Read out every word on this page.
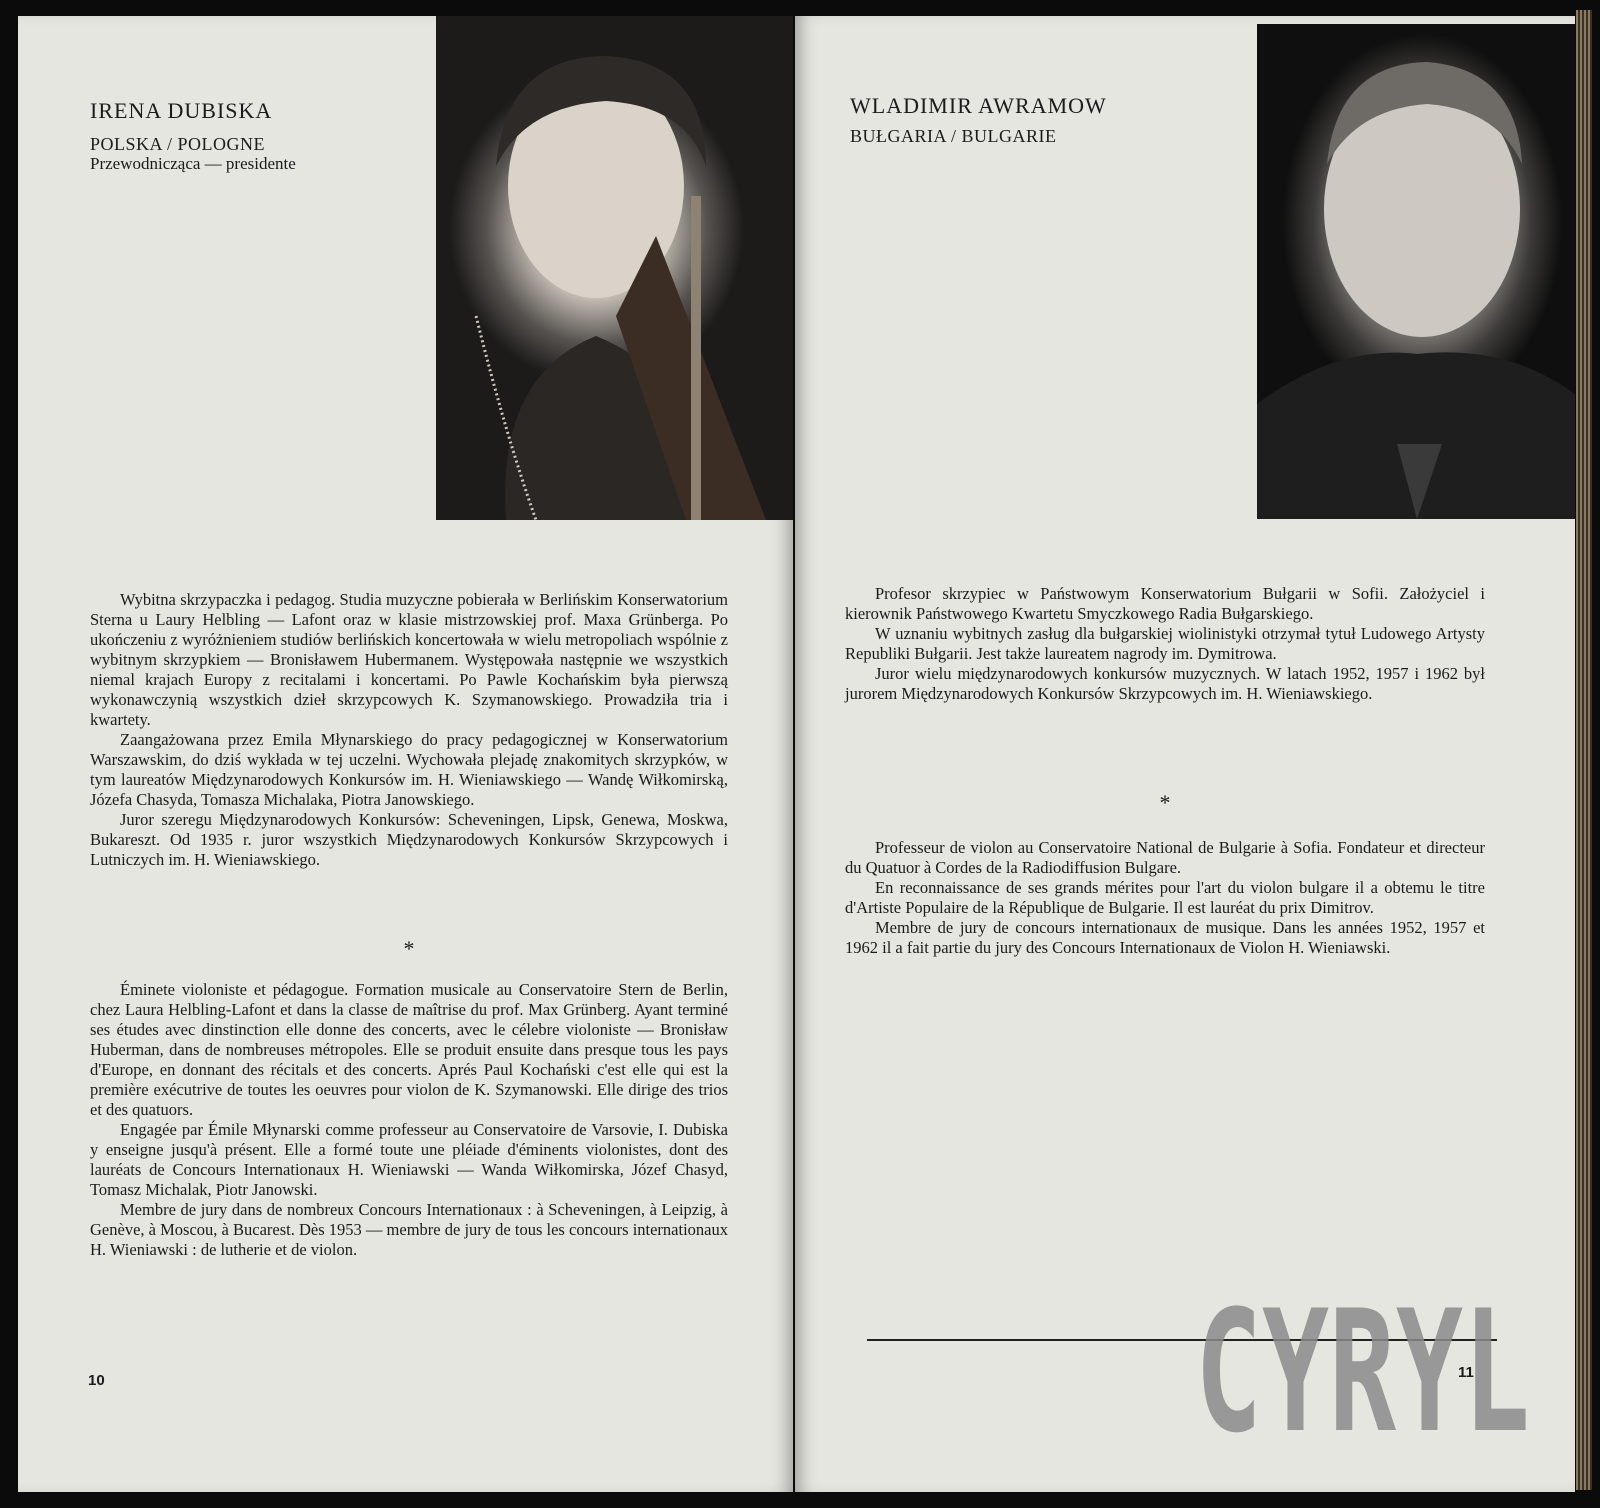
IRENA DUBISKA
POLSKA / POLOGNE
Przewodnicząca — presidente

Wybitna skrzypaczka i pedagog. Studia muzyczne pobierała w Berlińskim Konserwatorium Sterna u Laury Helbling — Lafont oraz w klasie mistrzowskiej prof. Maxa Grünberga. Po ukończeniu z wyróżnieniem studiów berlińskich koncertowała w wielu metropoliach wspólnie z wybitnym skrzypkiem — Bronisławem Hubermanem. Występowała następnie we wszystkich niemal krajach Europy z recitalami i koncertami. Po Pawle Kochańskim była pierwszą wykonawczynią wszystkich dzieł skrzypcowych K. Szymanowskiego. Prowadziła tria i kwartety.

Zaangażowana przez Emila Młynarskiego do pracy pedagogicznej w Konserwatorium Warszawskim, do dziś wykłada w tej uczelni. Wychowała plejadę znakomitych skrzypków, w tym laureatów Międzynarodowych Konkursów im. H. Wieniawskiego — Wandę Wiłkomirską, Józefa Chasyda, Tomasza Michalaka, Piotra Janowskiego.

Juror szeregu Międzynarodowych Konkursów: Scheveningen, Lipsk, Genewa, Moskwa, Bukareszt. Od 1935 r. juror wszystkich Międzynarodowych Konkursów Skrzypcowych i Lutniczych im. H. Wieniawskiego.

*

Éminete violoniste et pédagogue. Formation musicale au Conservatoire Stern de Berlin, chez Laura Helbling-Lafont et dans la classe de maîtrise du prof. Max Grünberg. Ayant terminé ses études avec dinstinction elle donne des concerts, avec le célebre violoniste — Bronisław Huberman, dans de nombreuses métropoles. Elle se produit ensuite dans presque tous les pays d'Europe, en donnant des récitals et des concerts. Aprés Paul Kochański c'est elle qui est la première exécutrive de toutes les oeuvres pour violon de K. Szymanowski. Elle dirige des trios et des quatuors.

Engagée par Émile Młynarski comme professeur au Conservatoire de Varsovie, I. Dubiska y enseigne jusqu'à présent. Elle a formé toute une pléiade d'éminents violonistes, dont des lauréats de Concours Internationaux H. Wieniawski — Wanda Wiłkomirska, Józef Chasyd, Tomasz Michalak, Piotr Janowski.

Membre de jury dans de nombreux Concours Internationaux : à Scheveningen, à Leipzig, à Genève, à Moscou, à Bucarest. Dès 1953 — membre de jury de tous les concours internationaux H. Wieniawski : de lutherie et de violon.

10
WLADIMIR AWRAMOW
BUŁGARIA / BULGARIE

Profesor skrzypiec w Państwowym Konserwatorium Bułgarii w Sofii. Założyciel i kierownik Państwowego Kwartetu Smyczkowego Radia Bułgarskiego.

W uznaniu wybitnych zasług dla bułgarskiej wiolinistyki otrzymał tytuł Ludowego Artysty Republiki Bułgarii. Jest także laureatem nagrody im. Dymitrowa.

Juror wielu międzynarodowych konkursów muzycznych. W latach 1952, 1957 i 1962 był jurorem Międzynarodowych Konkursów Skrzypcowych im. H. Wieniawskiego.

*

Professeur de violon au Conservatoire National de Bulgarie à Sofia. Fondateur et directeur du Quatuor à Cordes de la Radiodiffusion Bulgare.

En reconnaissance de ses grands mérites pour l'art du violon bulgare il a obtemu le titre d'Artiste Populaire de la République de Bulgarie. Il est lauréat du prix Dimitrov.

Membre de jury de concours internationaux de musique. Dans les années 1952, 1957 et 1962 il a fait partie du jury des Concours Internationaux de Violon H. Wieniawski.

11
CYRYL
